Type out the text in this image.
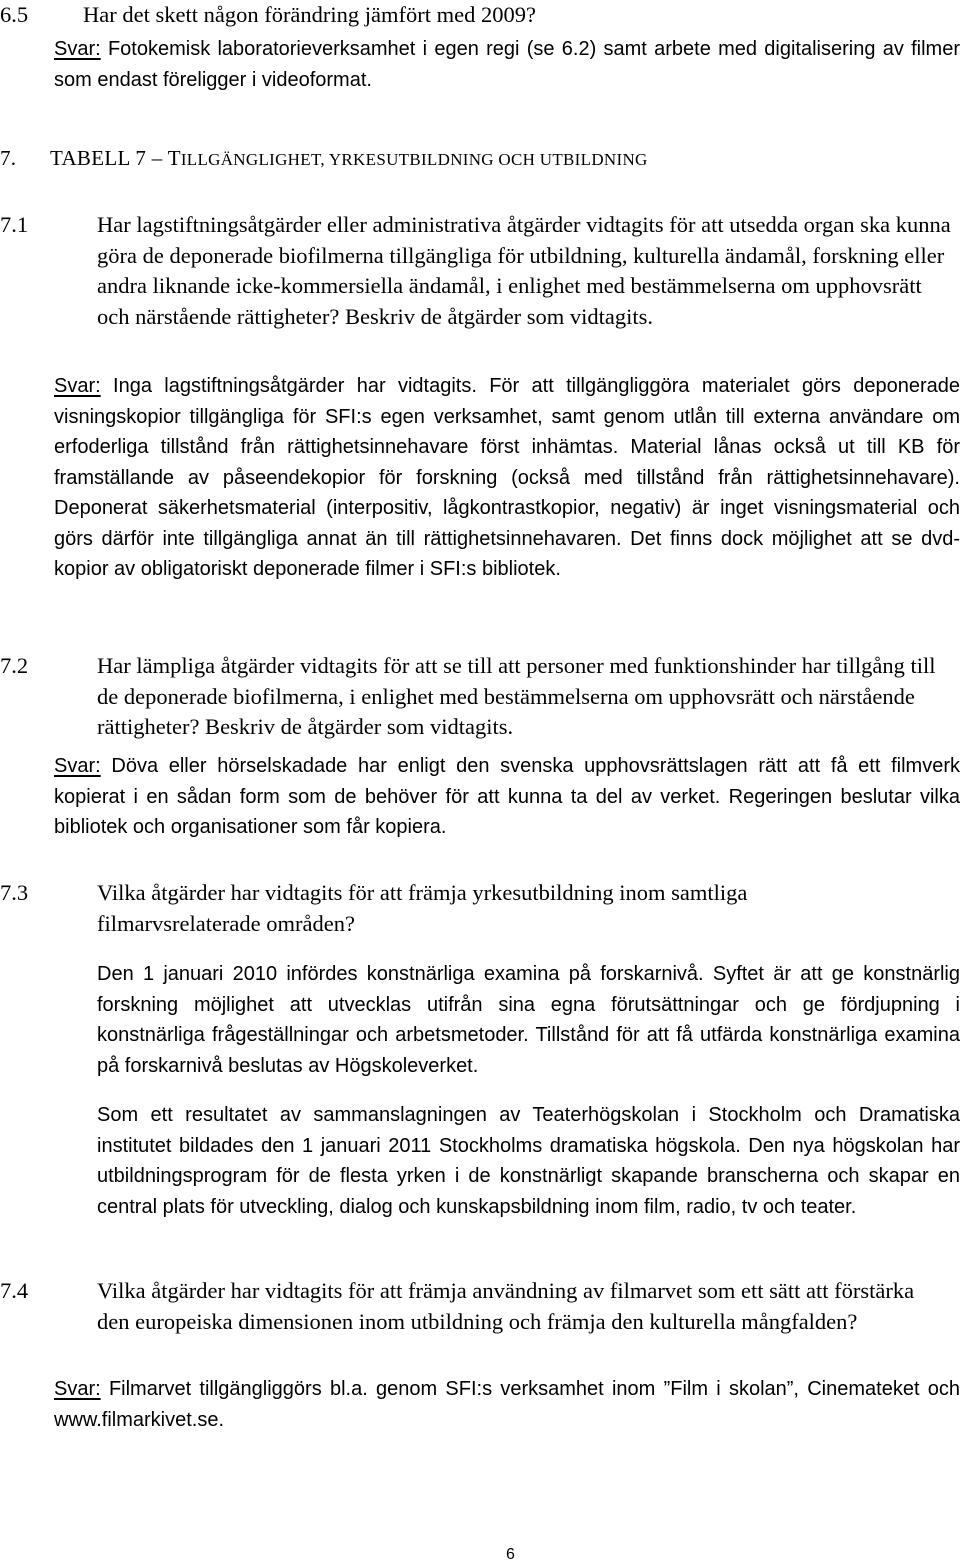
6.5 Har det skett någon förändring jämfört med 2009?
Svar: Fotokemisk laboratorieverksamhet i egen regi (se 6.2) samt arbete med digitalisering av filmer som endast föreligger i videoformat.
7. TABELL 7 – TILLGÄNGLIGHET, YRKESUTBILDNING OCH UTBILDNING
7.1	Har lagstiftningsåtgärder eller administrativa åtgärder vidtagits för att utsedda organ ska kunna göra de deponerade biofilmerna tillgängliga för utbildning, kulturella ändamål, forskning eller andra liknande icke-kommersiella ändamål, i enlighet med bestämmelserna om upphovsrätt och närstående rättigheter? Beskriv de åtgärder som vidtagits.
Svar: Inga lagstiftningsåtgärder har vidtagits. För att tillgängliggöra materialet görs deponerade visningskopior tillgängliga för SFI:s egen verksamhet, samt genom utlån till externa användare om erfoderliga tillstånd från rättighetsinnehavare först inhämtas. Material lånas också ut till KB för framställande av påseendekopior för forskning (också med tillstånd från rättighetsinnehavare). Deponerat säkerhetsmaterial (interpositiv, lågkontrastkopior, negativ) är inget visningsmaterial och görs därför inte tillgängliga annat än till rättighetsinnehavaren. Det finns dock möjlighet att se dvd-kopior av obligatoriskt deponerade filmer i SFI:s bibliotek.
7.2	Har lämpliga åtgärder vidtagits för att se till att personer med funktionshinder har tillgång till de deponerade biofilmerna, i enlighet med bestämmelserna om upphovsrätt och närstående rättigheter? Beskriv de åtgärder som vidtagits.
Svar: Döva eller hörselskadade har enligt den svenska upphovsrättslagen rätt att få ett filmverk kopierat i en sådan form som de behöver för att kunna ta del av verket. Regeringen beslutar vilka bibliotek och organisationer som får kopiera.
7.3	Vilka åtgärder har vidtagits för att främja yrkesutbildning inom samtliga filmarvsrelaterade områden?
Den 1 januari 2010 infördes konstnärliga examina på forskarnivå. Syftet är att ge konstnärlig forskning möjlighet att utvecklas utifrån sina egna förutsättningar och ge fördjupning i konstnärliga frågeställningar och arbetsmetoder. Tillstånd för att få utfärda konstnärliga examina på forskarnivå beslutas av Högskoleverket.
Som ett resultatet av sammanslagningen av Teaterhögskolan i Stockholm och Dramatiska institutet bildades den 1 januari 2011 Stockholms dramatiska högskola. Den nya högskolan har utbildningsprogram för de flesta yrken i de konstnärligt skapande branscherna och skapar en central plats för utveckling, dialog och kunskapsbildning inom film, radio, tv och teater.
7.4	Vilka åtgärder har vidtagits för att främja användning av filmarvet som ett sätt att förstärka den europeiska dimensionen inom utbildning och främja den kulturella mångfalden?
Svar: Filmarvet tillgängliggörs bl.a. genom SFI:s verksamhet inom ”Film i skolan”, Cinemateket och www.filmarkivet.se.
6
